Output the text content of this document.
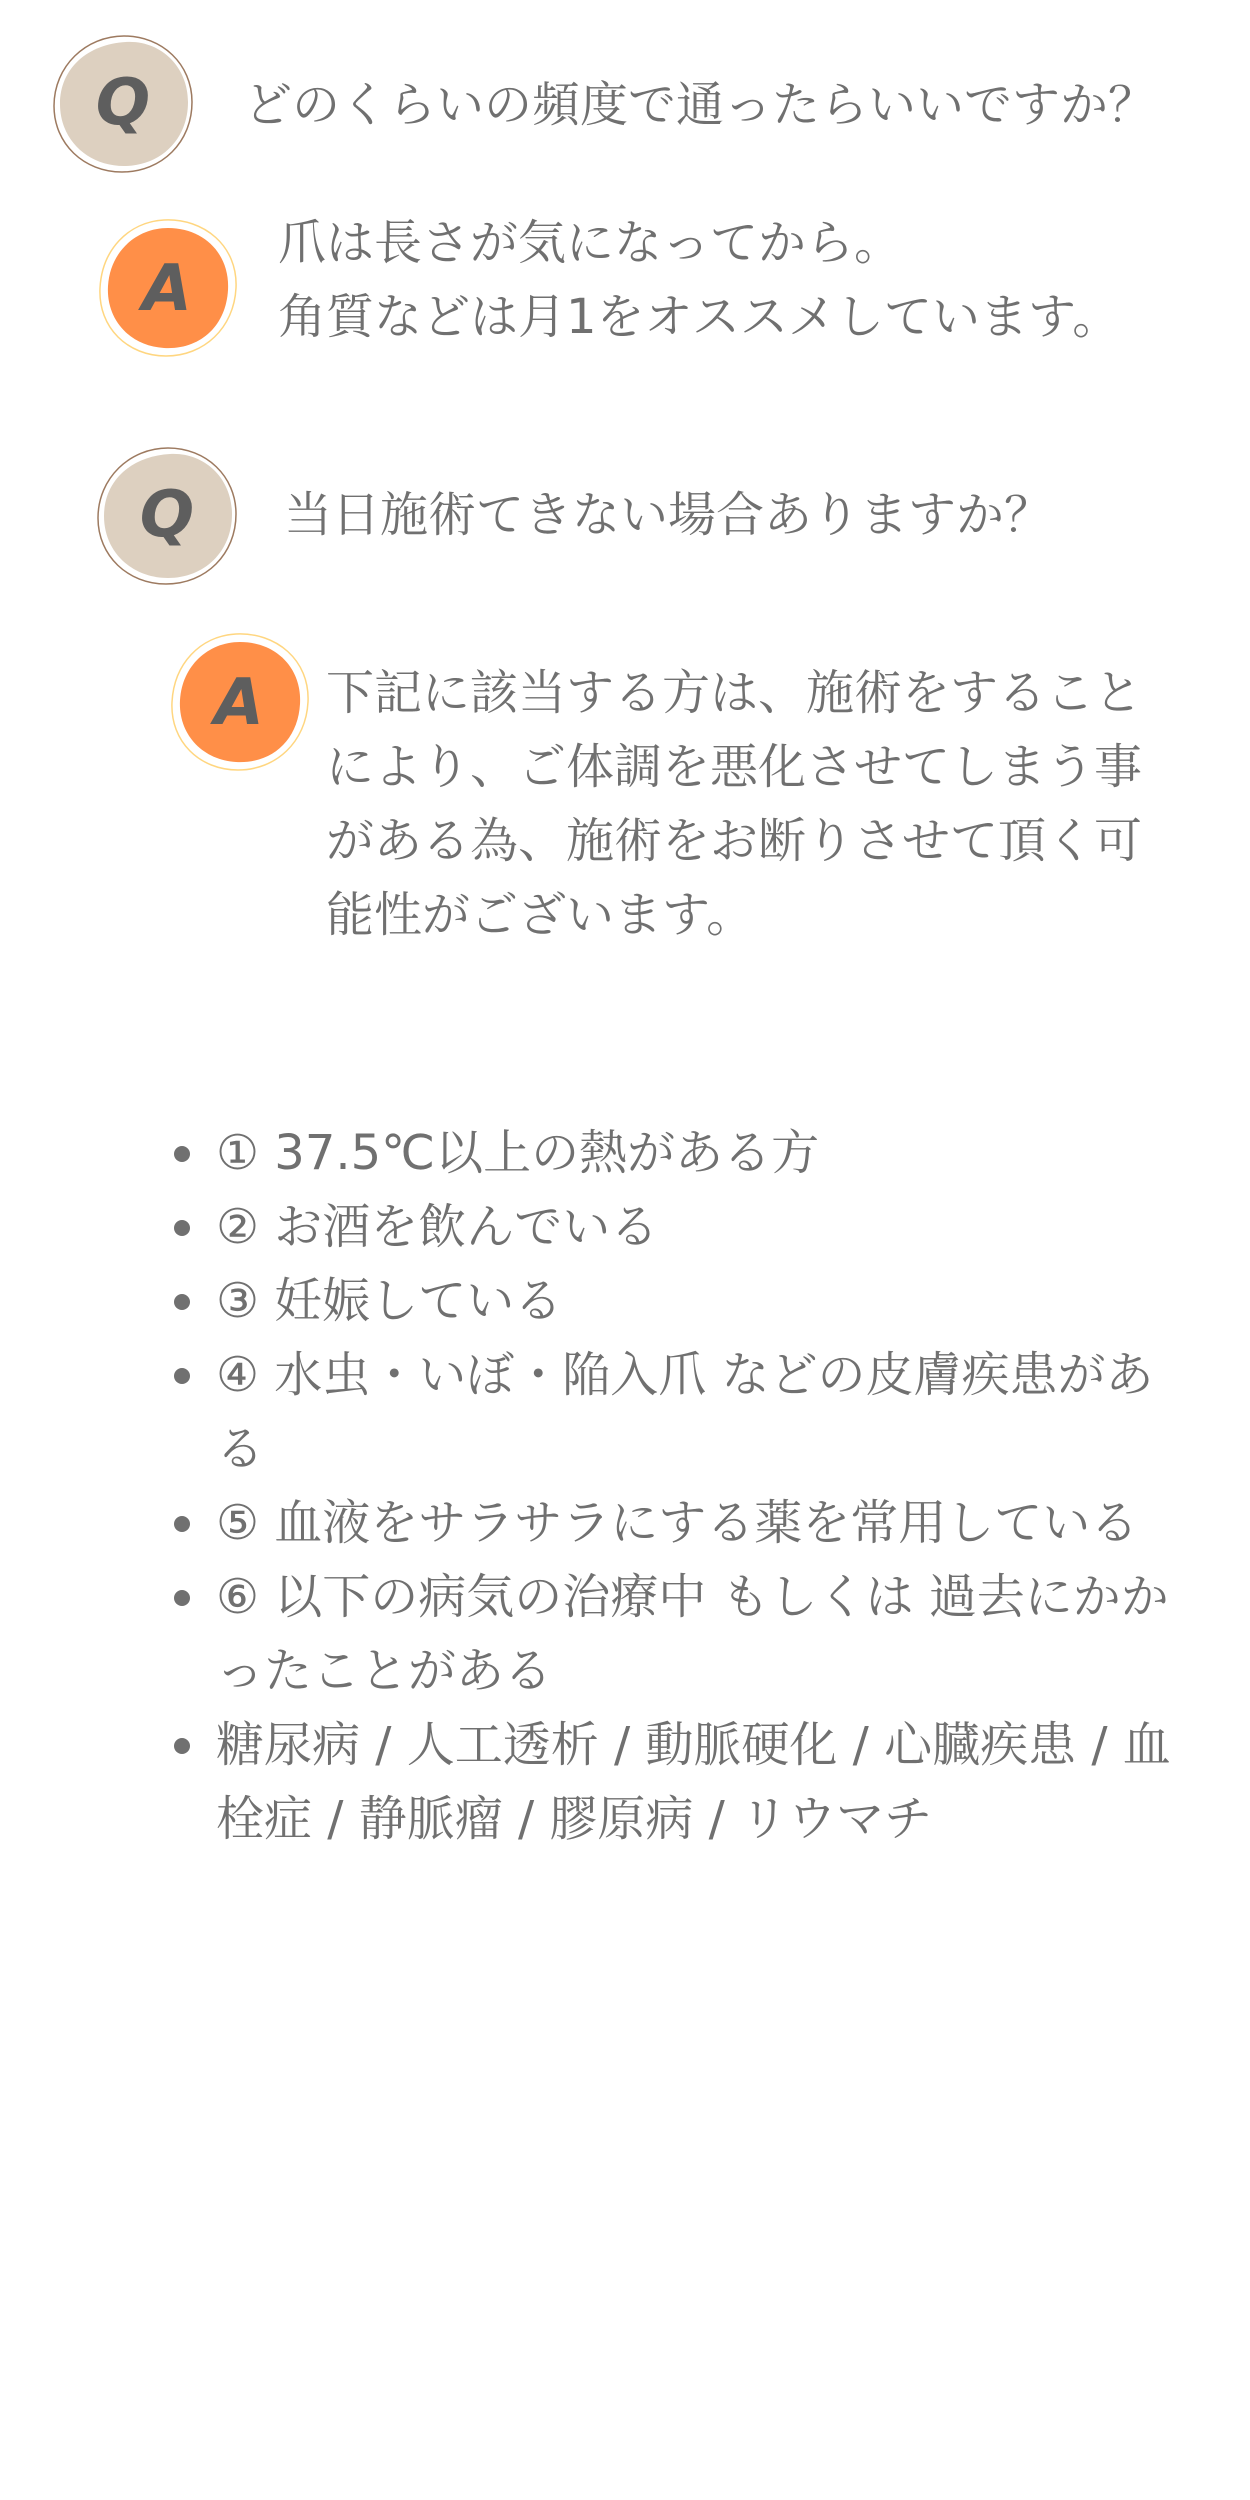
Q	どのくらいの頻度で通ったらいいですか？
A
爪は長さが気になってから。
角質などは月1をオススメしています。
Q	当日施術てきない場合ありますか？
A	下記に該当する方は、施術をすること
により、ご体調を悪化させてしまう事
がある為、施術をお断りさせて頂く可
能性がございます。
① 37.5℃以上の熱がある方
② お酒を飲んでいる
③ 妊娠している
④ 水虫・いぼ・陥入爪 などの皮膚疾患がある
⑤ 血液をサラサラにする薬を常用している
⑥ 以下の病気の治療中 もしくは 過去にかかったことがある
糖尿病 / 人工透析 / 動脈硬化 / 心臓疾患 / 血栓症 / 静脈瘤 / 膠原病 / リウマチ
